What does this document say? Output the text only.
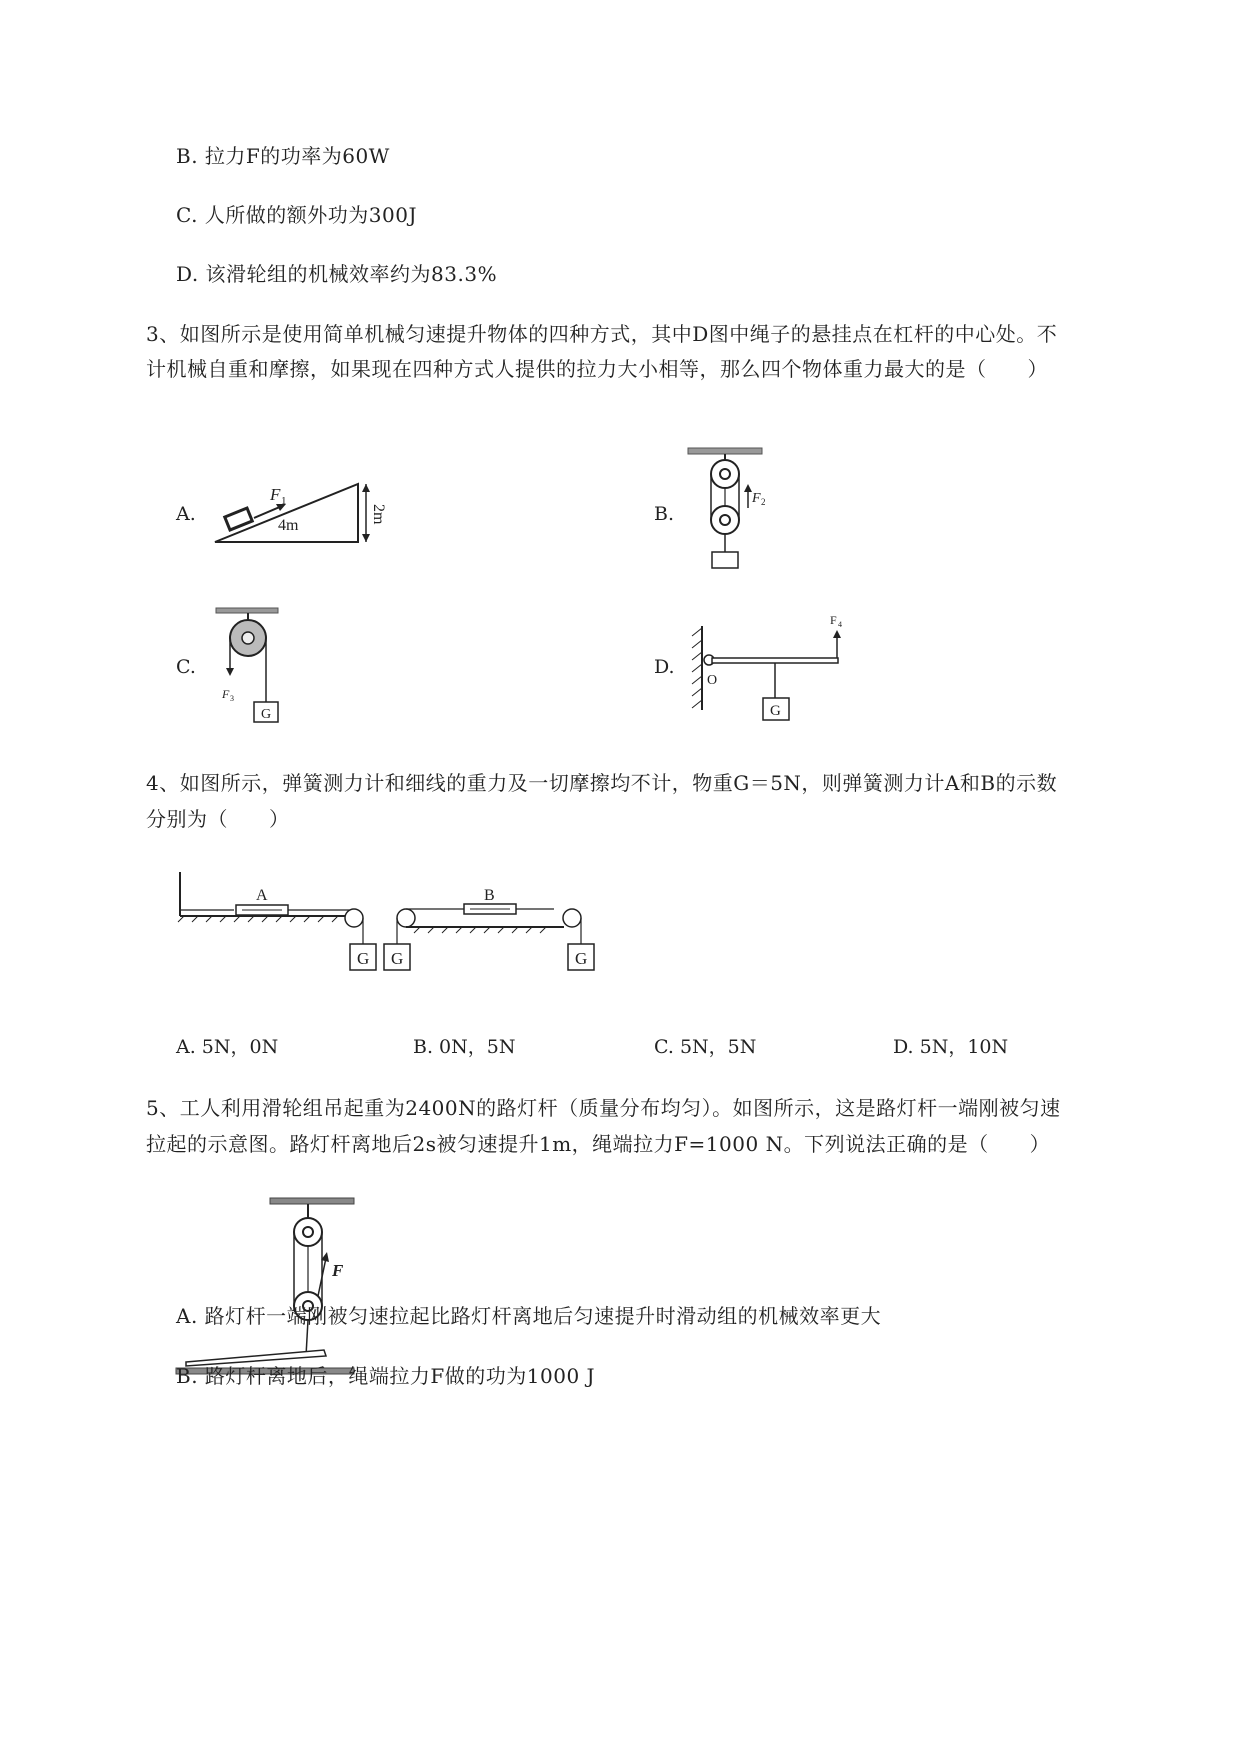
B. 拉力F的功率为60W
C. 人所做的额外功为300J
D. 该滑轮组的机械效率约为83.3%
3、如图所示是使用简单机械匀速提升物体的四种方式，其中D图中绳子的悬挂点在杠杆的中心处。不
计机械自重和摩擦，如果现在四种方式人提供的拉力大小相等，那么四个物体重力最大的是（　　）
A.	B.
C.	D.
F 1
4m
2m
F 2
F 3
G
F 4
O
G
4、如图所示，弹簧测力计和细线的重力及一切摩擦均不计，物重G＝5N，则弹簧测力计A和B的示数
分别为（　　）
A
G G
B
G
A. 5N，0N	B. 0N，5N	C. 5N，5N	D. 5N，10N
5、工人利用滑轮组吊起重为2400N的路灯杆（质量分布均匀）。如图所示，这是路灯杆一端刚被匀速
拉起的示意图。路灯杆离地后2s被匀速提升1m，绳端拉力F=1000 N。下列说法正确的是（　　）
F
A. 路灯杆一端刚被匀速拉起比路灯杆离地后匀速提升时滑动组的机械效率更大
B. 路灯杆离地后，绳端拉力F做的功为1000 J
